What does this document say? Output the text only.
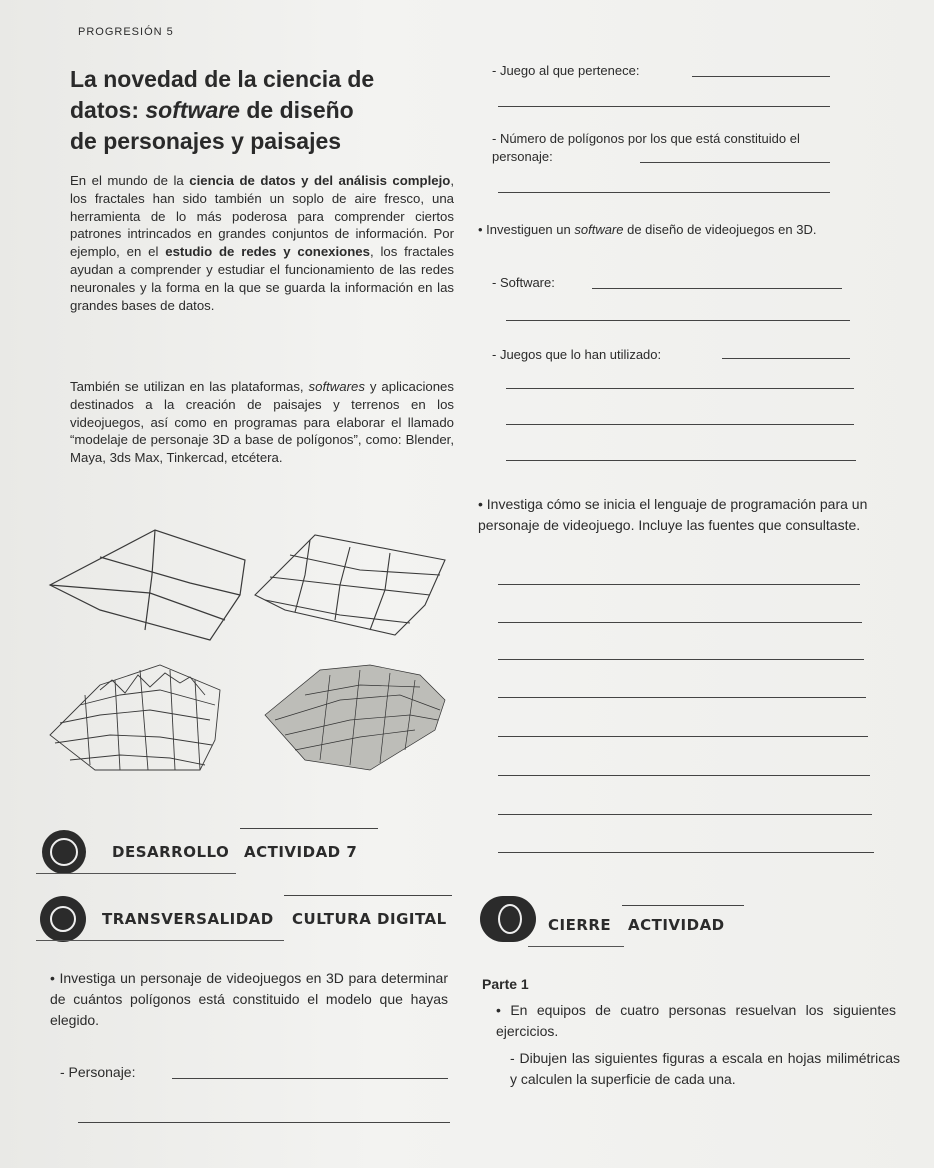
PROGRESIÓN 5
La novedad de la ciencia de
datos: software de diseño
de personajes y paisajes
En el mundo de la ciencia de datos y del análisis complejo, los fractales han sido también un soplo de aire fresco, una herramienta de lo más poderosa para comprender ciertos patrones intrincados en grandes conjuntos de información. Por ejemplo, en el estudio de redes y conexiones, los fractales ayudan a comprender y estudiar el funcionamiento de las redes neuronales y la forma en la que se guarda la información en las grandes bases de datos.
También se utilizan en las plataformas, softwares y aplicaciones destinados a la creación de paisajes y terrenos en los videojuegos, así como en programas para elaborar el llamado “modelaje de personaje 3D a base de polígonos”, como: Blender, Maya, 3ds Max, Tinkercad, etcétera.
- Juego al que pertenece:
- Número de polígonos por los que está constituido el personaje:
• Investiguen un software de diseño de videojuegos en 3D.
- Software:
- Juegos que lo han utilizado:
• Investiga cómo se inicia el lenguaje de programación para un personaje de videojuego. Incluye las fuentes que consultaste.
DESARROLLO ACTIVIDAD 7
TRANSVERSALIDAD CULTURA DIGITAL	CIERRE ACTIVIDAD
• Investiga un personaje de videojuegos en 3D para determinar de cuántos polígonos está constituido el modelo que hayas elegido.
- Personaje:
Parte 1
• En equipos de cuatro personas resuelvan los siguientes ejercicios.
- Dibujen las siguientes figuras a escala en hojas milimétricas y calculen la superficie de cada una.
